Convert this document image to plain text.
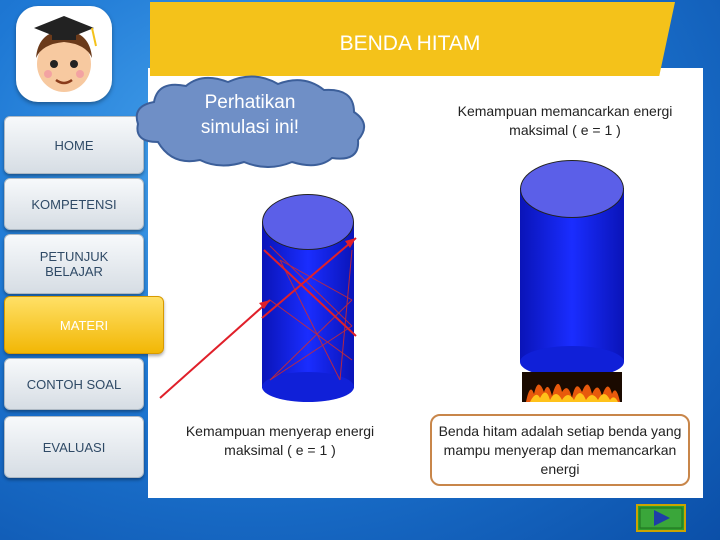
BENDA HITAM
HOME
KOMPETENSI
PETUNJUK BELAJAR
MATERI
CONTOH SOAL
EVALUASI
Perhatikan simulasi ini!
Kemampuan memancarkan energi maksimal ( e = 1 )
Kemampuan menyerap energi maksimal ( e = 1 )
Benda hitam adalah setiap benda yang mampu menyerap dan memancarkan energi
